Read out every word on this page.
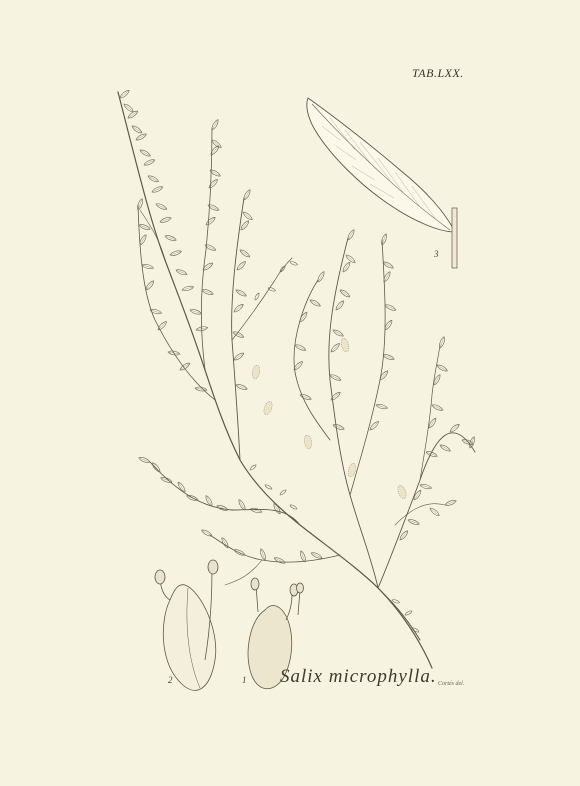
TAB.LXX.
3
2	1 Salix microphylla. Cortés del.
